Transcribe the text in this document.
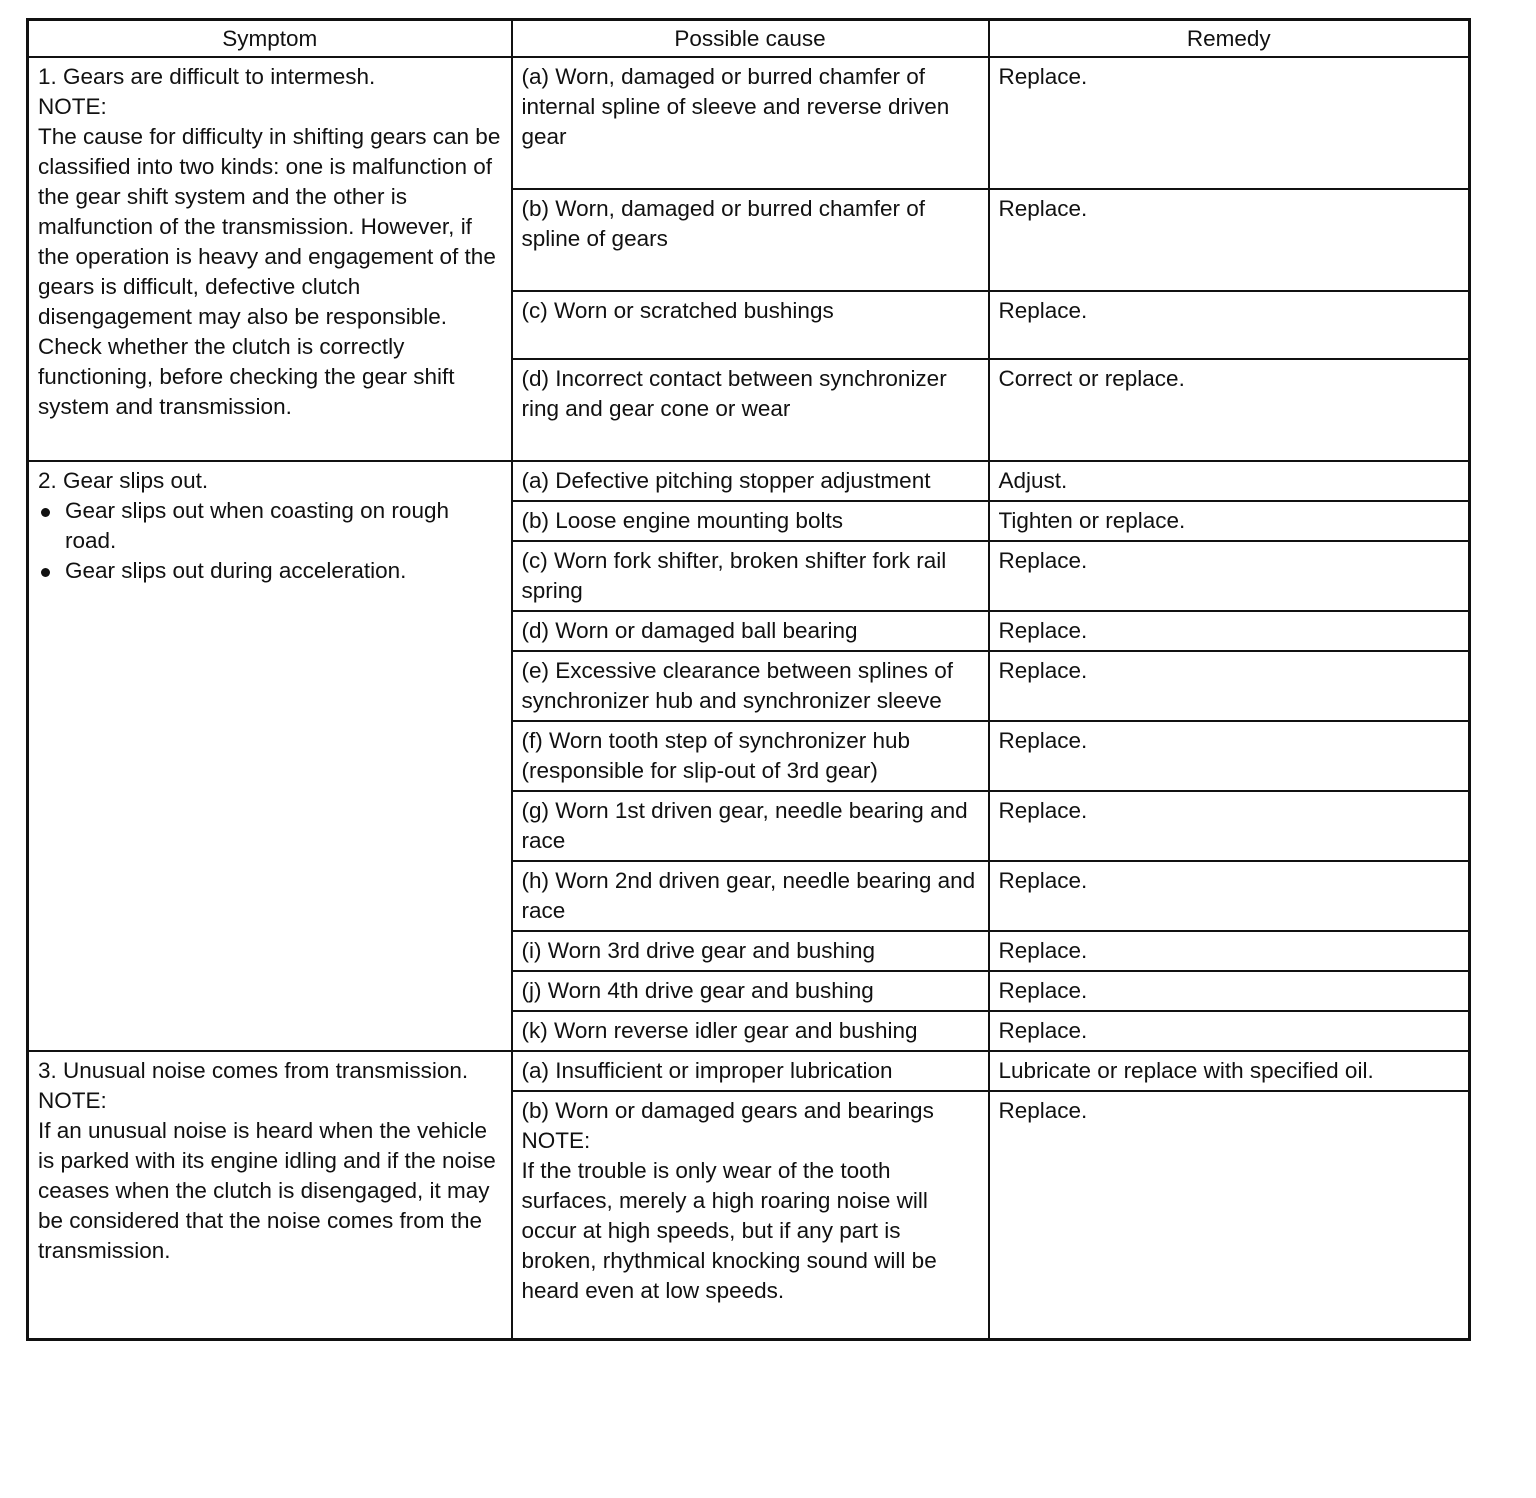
Symptom	Possible cause	Remedy

1. Gears are difficult to intermesh.
NOTE:
The cause for difficulty in shifting gears can be classified into two kinds: one is malfunction of the gear shift system and the other is malfunction of the transmission. However, if the operation is heavy and engagement of the gears is difficult, defective clutch disengagement may also be responsible. Check whether the clutch is correctly functioning, before checking the gear shift system and transmission.	(a) Worn, damaged or burred chamfer of internal spline of sleeve and reverse driven gear	Replace.
	(b) Worn, damaged or burred chamfer of spline of gears	Replace.
	(c) Worn or scratched bushings	Replace.
	(d) Incorrect contact between synchronizer ring and gear cone or wear	Correct or replace.

2. Gear slips out.
Gear slips out when coasting on rough road.
Gear slips out during acceleration.	(a) Defective pitching stopper adjustment	Adjust.
	(b) Loose engine mounting bolts	Tighten or replace.
	(c) Worn fork shifter, broken shifter fork rail spring	Replace.
	(d) Worn or damaged ball bearing	Replace.
	(e) Excessive clearance between splines of synchronizer hub and synchronizer sleeve	Replace.
	(f) Worn tooth step of synchronizer hub (responsible for slip-out of 3rd gear)	Replace.
	(g) Worn 1st driven gear, needle bearing and race	Replace.
	(h) Worn 2nd driven gear, needle bearing and race	Replace.
	(i) Worn 3rd drive gear and bushing	Replace.
	(j) Worn 4th drive gear and bushing	Replace.
	(k) Worn reverse idler gear and bushing	Replace.

3. Unusual noise comes from transmission.
NOTE:
If an unusual noise is heard when the vehicle is parked with its engine idling and if the noise ceases when the clutch is disengaged, it may be considered that the noise comes from the transmission.	(a) Insufficient or improper lubrication	Lubricate or replace with specified oil.

	(b) Worn or damaged gears and bearings
NOTE:
If the trouble is only wear of the tooth surfaces, merely a high roaring noise will occur at high speeds, but if any part is broken, rhythmical knocking sound will be heard even at low speeds.	Replace.
